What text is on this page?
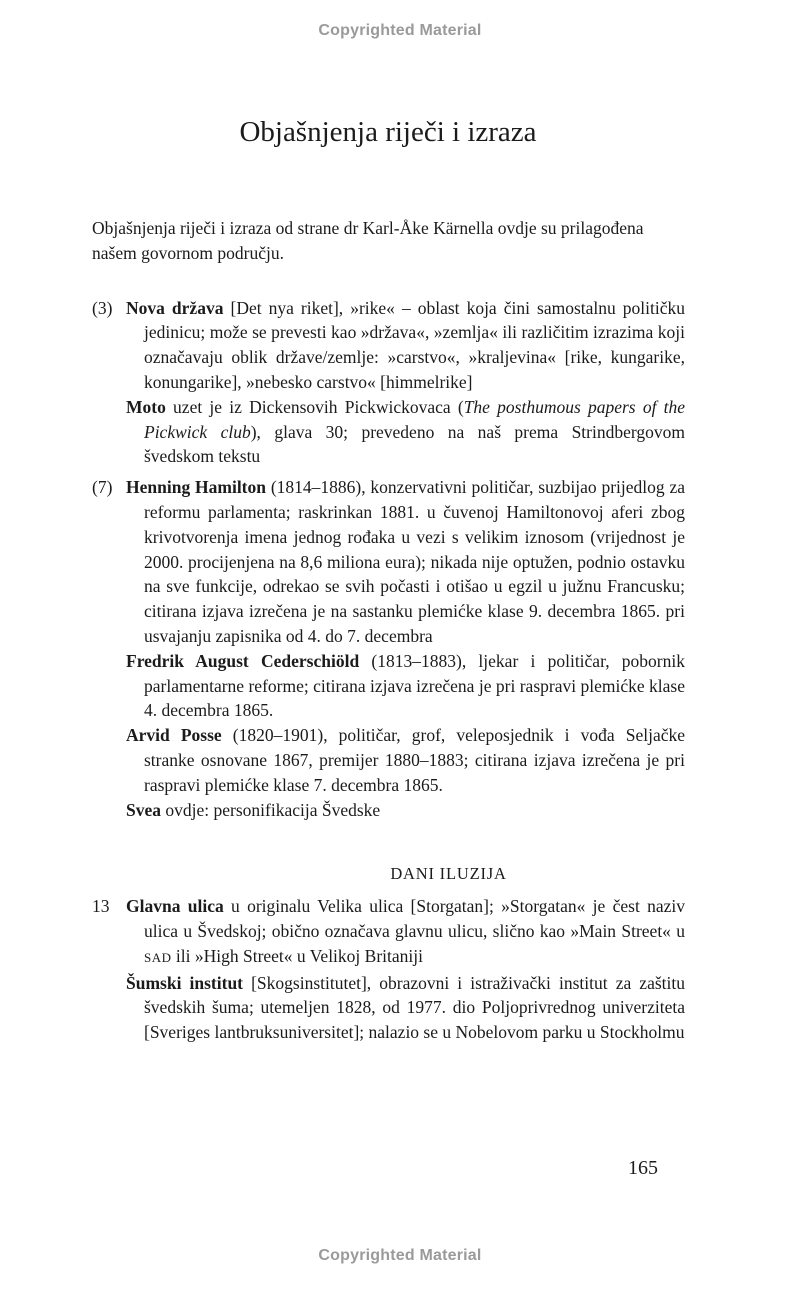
Copyrighted Material
Objašnjenja riječi i izraza

Objašnjenja riječi i izraza od strane dr Karl-Åke Kärnella ovdje su prilagođena našem govornom području.

(3) Nova država [Det nya riket], »rike« – oblast koja čini samostalnu političku jedinicu; može se prevesti kao »država«, »zemlja« ili različitim izrazima koji označavaju oblik države/zemlje: »carstvo«, »kraljevina« [rike, kungarike, konungarike], »nebesko carstvo« [himmelrike]

Moto uzet je iz Dickensovih Pickwickovaca (The posthumous papers of the Pickwick club), glava 30; prevedeno na naš prema Strindbergovom švedskom tekstu

(7) Henning Hamilton (1814–1886), konzervativni političar, suzbijao prijedlog za reformu parlamenta; raskrinkan 1881. u čuvenoj Hamiltonovoj aferi zbog krivotvorenja imena jednog rođaka u vezi s velikim iznosom (vrijednost je 2000. procijenjena na 8,6 miliona eura); nikada nije optužen, podnio ostavku na sve funkcije, odrekao se svih počasti i otišao u egzil u južnu Francusku; citirana izjava izrečena je na sastanku plemićke klase 9. decembra 1865. pri usvajanju zapisnika od 4. do 7. decembra

Fredrik August Cederschiöld (1813–1883), ljekar i političar, pobornik parlamentarne reforme; citirana izjava izrečena je pri raspravi plemićke klase 4. decembra 1865.

Arvid Posse (1820–1901), političar, grof, veleposjednik i vođa Seljačke stranke osnovane 1867, premijer 1880–1883; citirana izjava izrečena je pri raspravi plemićke klase 7. decembra 1865.

Svea ovdje: personifikacija Švedske

DANI ILUZIJA
13 Glavna ulica u originalu Velika ulica [Storgatan]; »Storgatan« je čest naziv ulica u Švedskoj; obično označava glavnu ulicu, slično kao »Main Street« u SAD ili »High Street« u Velikoj Britaniji

Šumski institut [Skogsinstitutet], obrazovni i istraživački institut za zaštitu švedskih šuma; utemeljen 1828, od 1977. dio Poljoprivrednog univerziteta [Sveriges lantbruksuniversitet]; nalazio se u Nobelovom parku u Stockholmu

165
Copyrighted Material
